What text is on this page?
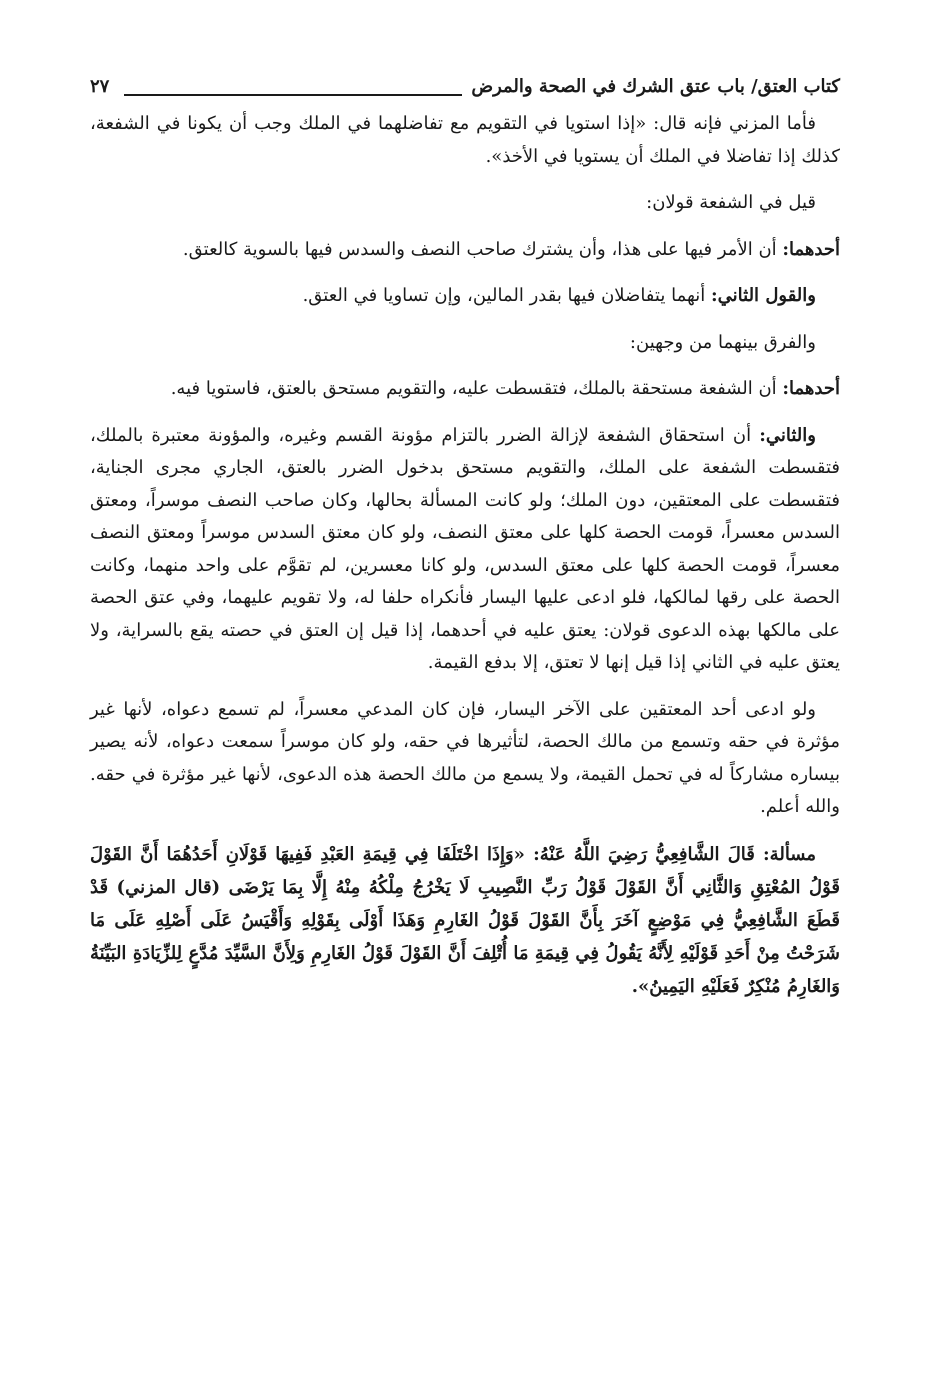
كتاب العتق/ باب عتق الشرك في الصحة والمرض
٢٧

فأما المزني فإنه قال: «إذا استويا في التقويم مع تفاضلهما في الملك وجب أن يكونا في الشفعة، كذلك إذا تفاضلا في الملك أن يستويا في الأخذ».

قيل في الشفعة قولان:

أحدهما: أن الأمر فيها على هذا، وأن يشترك صاحب النصف والسدس فيها بالسوية كالعتق.

والقول الثاني: أنهما يتفاضلان فيها بقدر المالين، وإن تساويا في العتق.

والفرق بينهما من وجهين:

أحدهما: أن الشفعة مستحقة بالملك، فتقسطت عليه، والتقويم مستحق بالعتق، فاستويا فيه.

والثاني: أن استحقاق الشفعة لإزالة الضرر بالتزام مؤونة القسم وغيره، والمؤونة معتبرة بالملك، فتقسطت الشفعة على الملك، والتقويم مستحق بدخول الضرر بالعتق، الجاري مجرى الجناية، فتقسطت على المعتقين، دون الملك؛ ولو كانت المسألة بحالها، وكان صاحب النصف موسراً، ومعتق السدس معسراً، قومت الحصة كلها على معتق النصف، ولو كان معتق السدس موسراً ومعتق النصف معسراً، قومت الحصة كلها على معتق السدس، ولو كانا معسرين، لم تقوَّم على واحد منهما، وكانت الحصة على رقها لمالكها، فلو ادعى عليها اليسار فأنكراه حلفا له، ولا تقويم عليهما، وفي عتق الحصة على مالكها بهذه الدعوى قولان: يعتق عليه في أحدهما، إذا قيل إن العتق في حصته يقع بالسراية، ولا يعتق عليه في الثاني إذا قيل إنها لا تعتق، إلا بدفع القيمة.

ولو ادعى أحد المعتقين على الآخر اليسار، فإن كان المدعي معسراً، لم تسمع دعواه، لأنها غير مؤثرة في حقه وتسمع من مالك الحصة، لتأثيرها في حقه، ولو كان موسراً سمعت دعواه، لأنه يصير بيساره مشاركاً له في تحمل القيمة، ولا يسمع من مالك الحصة هذه الدعوى، لأنها غير مؤثرة في حقه. والله أعلم.

مسألة: قَالَ الشَّافِعِيُّ رَضِيَ اللَّهُ عَنْهُ: «وَإِذَا اخْتَلَفَا فِي قِيمَةِ العَبْدِ فَفِيهَا قَوْلَانِ أَحَدُهُمَا أَنَّ القَوْلَ قَوْلُ المُعْتِقِ وَالثَّانِي أَنَّ القَوْلَ قَوْلُ رَبِّ النَّصِيبِ لَا يَخْرُجُ مِلْكُهُ مِنْهُ إِلَّا بِمَا يَرْضَى (قال المزني) قَدْ قَطَعَ الشَّافِعِيُّ فِي مَوْضِعٍ آخَرَ بِأَنَّ القَوْلَ قَوْلُ الغَارِمِ وَهَذَا أَوْلَى بِقَوْلِهِ وَأَقْيَسُ عَلَى أَصْلِهِ عَلَى مَا شَرَحْتُ مِنْ أَحَدِ قَوْلَيْهِ لِأَنَّهُ يَقُولُ فِي قِيمَةِ مَا أُتْلِفَ أَنَّ القَوْلَ قَوْلُ الغَارِمِ وَلِأَنَّ السَّيِّدَ مُدَّعٍ لِلزِّيَادَةِ البَيِّنَةُ وَالغَارِمُ مُنْكِرٌ فَعَلَيْهِ اليَمِينُ».
